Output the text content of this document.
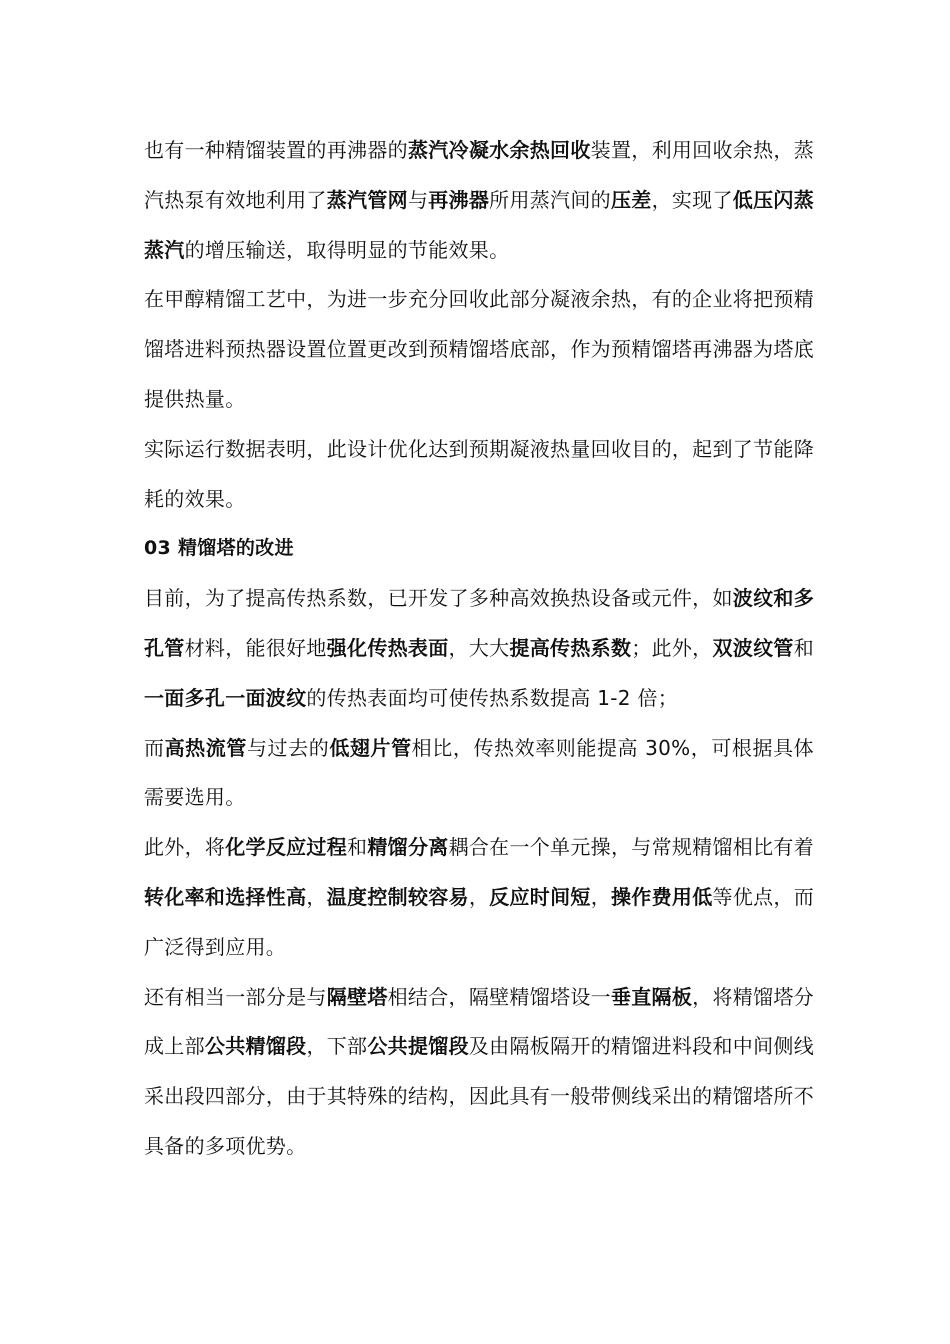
也有一种精馏装置的再沸器的蒸汽冷凝水余热回收装置，利用回收余热，蒸汽热泵有效地利用了蒸汽管网与再沸器所用蒸汽间的压差，实现了低压闪蒸蒸汽的增压输送，取得明显的节能效果。

在甲醇精馏工艺中，为进一步充分回收此部分凝液余热，有的企业将把预精馏塔进料预热器设置位置更改到预精馏塔底部，作为预精馏塔再沸器为塔底提供热量。

实际运行数据表明，此设计优化达到预期凝液热量回收目的，起到了节能降耗的效果。

03 精馏塔的改进

目前，为了提高传热系数，已开发了多种高效换热设备或元件，如波纹和多孔管材料，能很好地强化传热表面，大大提高传热系数；此外，双波纹管和一面多孔一面波纹的传热表面均可使传热系数提高 1-2 倍；

而高热流管与过去的低翅片管相比，传热效率则能提高 30%，可根据具体需要选用。

此外，将化学反应过程和精馏分离耦合在一个单元操，与常规精馏相比有着转化率和选择性高，温度控制较容易，反应时间短，操作费用低等优点，而广泛得到应用。

还有相当一部分是与隔壁塔相结合，隔壁精馏塔设一垂直隔板，将精馏塔分成上部公共精馏段，下部公共提馏段及由隔板隔开的精馏进料段和中间侧线采出段四部分，由于其特殊的结构，因此具有一般带侧线采出的精馏塔所不具备的多项优势。
